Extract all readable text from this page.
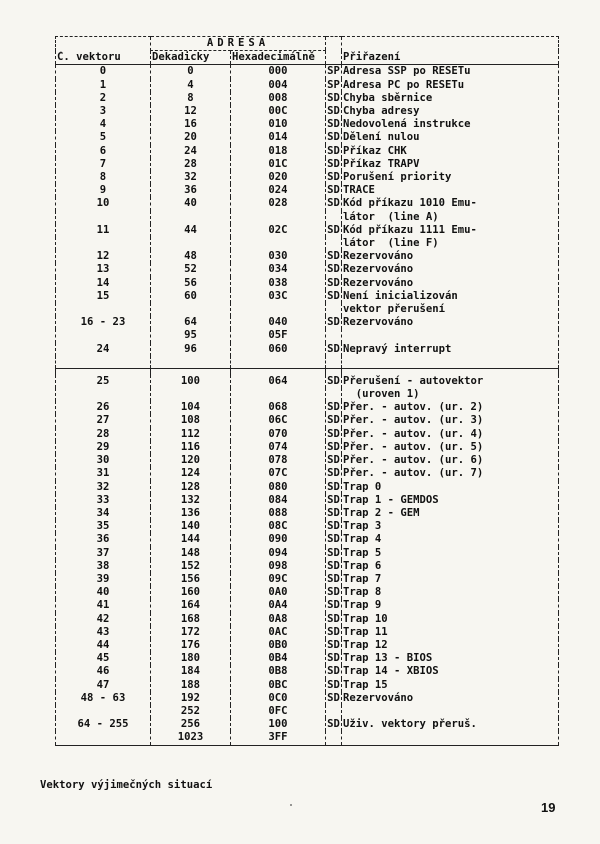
	ADRESA			
Č. vektoru	Dekadicky	Hexadecimálně		Přiřazení
0	0	000	SP	Adresa SSP po RESETu
1	4	004	SP	Adresa PC po RESETu
2	8	008	SD	Chyba sběrnice
3	12	00C	SD	Chyba adresy
4	16	010	SD	Nedovolená instrukce
5	20	014	SD	Dělení nulou
6	24	018	SD	Příkaz CHK
7	28	01C	SD	Příkaz TRAPV
8	32	020	SD	Porušení priority
9	36	024	SD	TRACE
10	40	028	SD	Kód příkazu 1010 Emu-
				látor  (line A)
11	44	02C	SD	Kód příkazu 1111 Emu-
				látor  (line F)
12	48	030	SD	Rezervováno
13	52	034	SD	Rezervováno
14	56	038	SD	Rezervováno
15	60	03C	SD	Není inicializován
				vektor přerušení
16 - 23	64	040	SD	Rezervováno
	95	05F		
24	96	060	SD	Nepravý interrupt

25	100	064	SD	Přerušení - autovektor
				(uroven 1)
26	104	068	SD	Přer. - autov. (ur. 2)
27	108	06C	SD	Přer. - autov. (ur. 3)
28	112	070	SD	Přer. - autov. (ur. 4)
29	116	074	SD	Přer. - autov. (ur. 5)
30	120	078	SD	Přer. - autov. (ur. 6)
31	124	07C	SD	Přer. - autov. (ur. 7)
32	128	080	SD	Trap 0
33	132	084	SD	Trap 1 - GEMDOS
34	136	088	SD	Trap 2 - GEM
35	140	08C	SD	Trap 3
36	144	090	SD	Trap 4
37	148	094	SD	Trap 5
38	152	098	SD	Trap 6
39	156	09C	SD	Trap 7
40	160	0A0	SD	Trap 8
41	164	0A4	SD	Trap 9
42	168	0A8	SD	Trap 10
43	172	0AC	SD	Trap 11
44	176	0B0	SD	Trap 12
45	180	0B4	SD	Trap 13 - BIOS
46	184	0B8	SD	Trap 14 - XBIOS
47	188	0BC	SD	Trap 15
48 - 63	192	0C0	SD	Rezervováno
	252	0FC		
64 - 255	256	100	SD	Uživ. vektory přeruš.
	1023	3FF		
Vektory výjimečných situací
19
